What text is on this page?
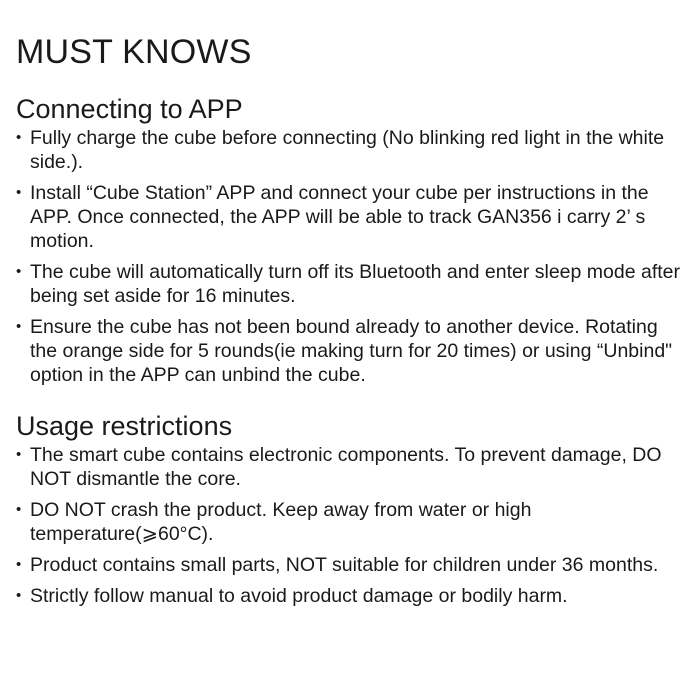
MUST KNOWS
Connecting to APP
• Fully charge the cube before connecting (No blinking red light in the white side.).
• Install “Cube Station” APP and connect your cube per instructions in the APP. Once connected, the APP will be able to track GAN356 i carry 2’ s motion.
• The cube will automatically turn off its Bluetooth and enter sleep mode after being set aside for 16 minutes.
• Ensure the cube has not been bound already to another device. Rotating the orange side for 5 rounds(ie making turn for 20 times) or using “Unbind" option in the APP can unbind the cube.
Usage restrictions
• The smart cube contains electronic components. To prevent damage, DO NOT dismantle the core.
• DO NOT crash the product. Keep away from water or high temperature(⩾60°C).
• Product contains small parts, NOT suitable for children under 36 months.
• Strictly follow manual to avoid product damage or bodily harm.
